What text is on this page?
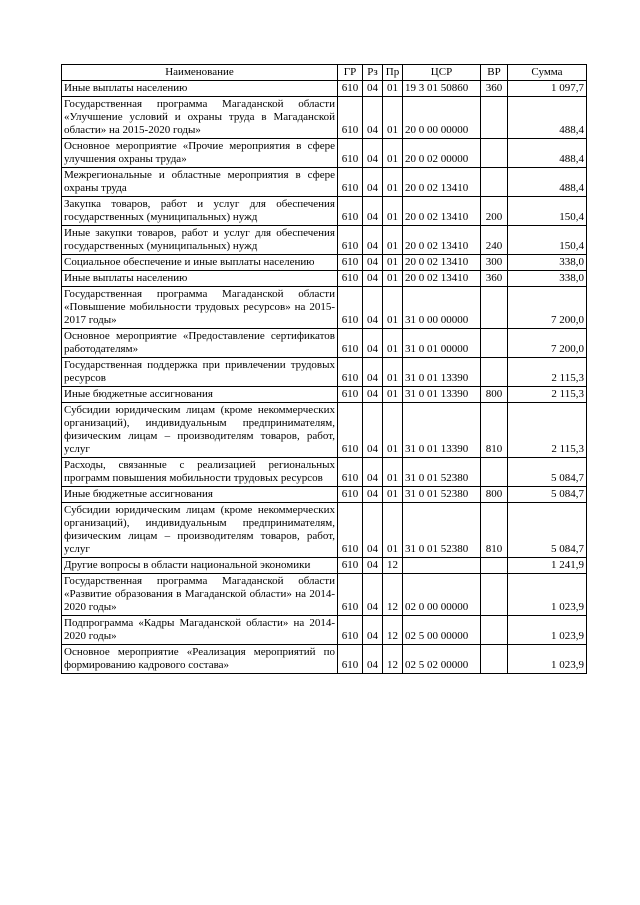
Наименование	ГР	Рз	Пр	ЦСР	ВР	Сумма
Иные выплаты населению	610	04	01	19 3 01 50860	360	1 097,7
Государственная программа Магаданской области «Улучшение условий и охраны труда в Магаданской области» на 2015-2020 годы»	610	04	01	20 0 00 00000		488,4
Основное мероприятие «Прочие мероприятия в сфере улучшения охраны труда»	610	04	01	20 0 02 00000		488,4
Межрегиональные и областные мероприятия в сфере охраны труда	610	04	01	20 0 02 13410		488,4
Закупка товаров, работ и услуг для обеспечения государственных (муниципальных) нужд	610	04	01	20 0 02 13410	200	150,4
Иные закупки товаров, работ и услуг для обеспечения государственных (муниципальных) нужд	610	04	01	20 0 02 13410	240	150,4
Социальное обеспечение и иные выплаты населению	610	04	01	20 0 02 13410	300	338,0
Иные выплаты населению	610	04	01	20 0 02 13410	360	338,0
Государственная программа Магаданской области «Повышение мобильности трудовых ресурсов» на 2015-2017 годы»	610	04	01	31 0 00 00000		7 200,0
Основное мероприятие «Предоставление сертификатов работодателям»	610	04	01	31 0 01 00000		7 200,0
Государственная поддержка при привлечении трудовых ресурсов	610	04	01	31 0 01 13390		2 115,3
Иные бюджетные ассигнования	610	04	01	31 0 01 13390	800	2 115,3
Субсидии юридическим лицам (кроме некоммерческих организаций), индивидуальным предпринимателям, физическим лицам – производителям товаров, работ, услуг	610	04	01	31 0 01 13390	810	2 115,3
Расходы, связанные с реализацией региональных программ повышения мобильности трудовых ресурсов	610	04	01	31 0 01 52380		5 084,7
Иные бюджетные ассигнования	610	04	01	31 0 01 52380	800	5 084,7
Субсидии юридическим лицам (кроме некоммерческих организаций), индивидуальным предпринимателям, физическим лицам – производителям товаров, работ, услуг	610	04	01	31 0 01 52380	810	5 084,7
Другие вопросы в области национальной экономики	610	04	12			1 241,9
Государственная программа Магаданской области «Развитие образования в Магаданской области» на 2014-2020 годы»	610	04	12	02 0 00 00000		1 023,9
Подпрограмма «Кадры Магаданской области» на 2014-2020 годы»	610	04	12	02 5 00 00000		1 023,9
Основное мероприятие «Реализация мероприятий по формированию кадрового состава»	610	04	12	02 5 02 00000		1 023,9
